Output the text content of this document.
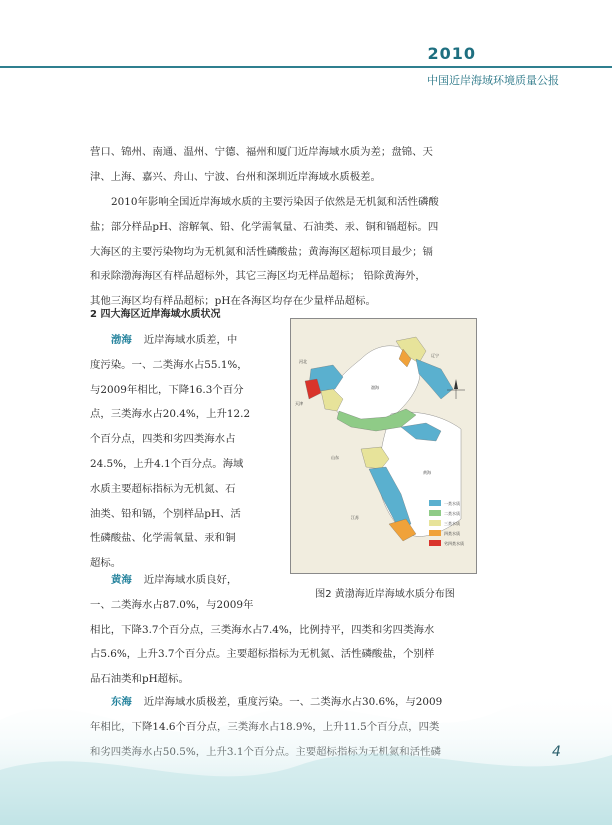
2010
中国近岸海域环境质量公报
营口、锦州、南通、温州、宁德、福州和厦门近岸海域水质为差；盘锦、天
津、上海、嘉兴、舟山、宁波、台州和深圳近岸海域水质极差。
2010年影响全国近岸海域水质的主要污染因子依然是无机氮和活性磷酸
盐；部分样品pH、溶解氧、铅、化学需氧量、石油类、汞、铜和镉超标。四
大海区的主要污染物均为无机氮和活性磷酸盐；黄海海区超标项目最少；镉
和汞除渤海海区有样品超标外，其它三海区均无样品超标； 铅除黄海外，
其他三海区均有样品超标；pH在各海区均存在少量样品超标。
2 四大海区近岸海域水质状况
渤海 近岸海域水质差，中
度污染。一、二类海水占55.1%，
与2009年相比，下降16.3个百分
点，三类海水占20.4%，上升12.2
个百分点，四类和劣四类海水占
24.5%，上升4.1个百分点。海域
水质主要超标指标为无机氮、石
油类、铅和镉，个别样品pH、活
性磷酸盐、化学需氧量、汞和铜
超标。
黄海 近岸海域水质良好，
一、二类海水占87.0%，与2009年
相比，下降3.7个百分点，三类海水占7.4%，比例持平，四类和劣四类海水
占5.6%，上升3.7个百分点。主要超标指标为无机氮、活性磷酸盐，个别样
品石油类和pH超标。
东海 近岸海域水质极差，重度污染。一、二类海水占30.6%，与2009
辽宁
河北
天津
山东
江苏
渤海
黄海
一类水质
二类水质
三类水质
四类水质
劣四类水质
图2 黄渤海近岸海域水质分布图
4
